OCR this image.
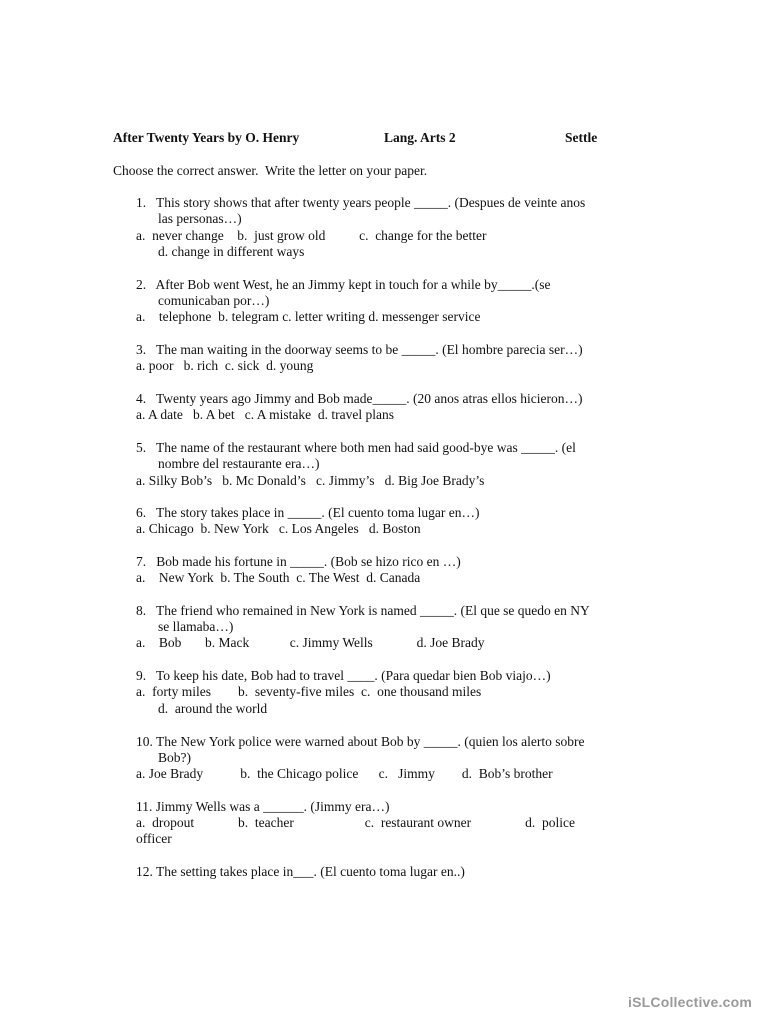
After Twenty Years by O. Henry	Lang. Arts 2	Settle
Choose the correct answer.  Write the letter on your paper.
1.   This story shows that after twenty years people _____. (Despues de veinte anos
las personas…)
a.  never change    b.  just grow old          c.  change for the better
d. change in different ways
2.   After Bob went West, he an Jimmy kept in touch for a while by_____.(se
comunicaban por…)
a.    telephone  b. telegram c. letter writing d. messenger service
3.   The man waiting in the doorway seems to be _____. (El hombre parecia ser…)
a. poor   b. rich  c. sick  d. young
4.   Twenty years ago Jimmy and Bob made_____. (20 anos atras ellos hicieron…)
a. A date   b. A bet   c. A mistake  d. travel plans
5.   The name of the restaurant where both men had said good-bye was _____. (el
nombre del restaurante era…)
a. Silky Bob’s   b. Mc Donald’s   c. Jimmy’s   d. Big Joe Brady’s
6.   The story takes place in _____. (El cuento toma lugar en…)
a. Chicago  b. New York   c. Los Angeles   d. Boston
7.   Bob made his fortune in _____. (Bob se hizo rico en …)
a.    New York  b. The South  c. The West  d. Canada
8.   The friend who remained in New York is named _____. (El que se quedo en NY
se llamaba…)
a.    Bob       b. Mack            c. Jimmy Wells             d. Joe Brady
9.   To keep his date, Bob had to travel ____. (Para quedar bien Bob viajo…)
a.  forty miles        b.  seventy-five miles  c.  one thousand miles
d.  around the world
10. The New York police were warned about Bob by _____. (quien los alerto sobre
Bob?)
a. Joe Brady           b.  the Chicago police      c.   Jimmy        d.  Bob’s brother
11. Jimmy Wells was a ______. (Jimmy era…)
a.  dropout             b.  teacher                     c.  restaurant owner                d.  police
officer
12. The setting takes place in___. (El cuento toma lugar en..)
iSLCollective.com
